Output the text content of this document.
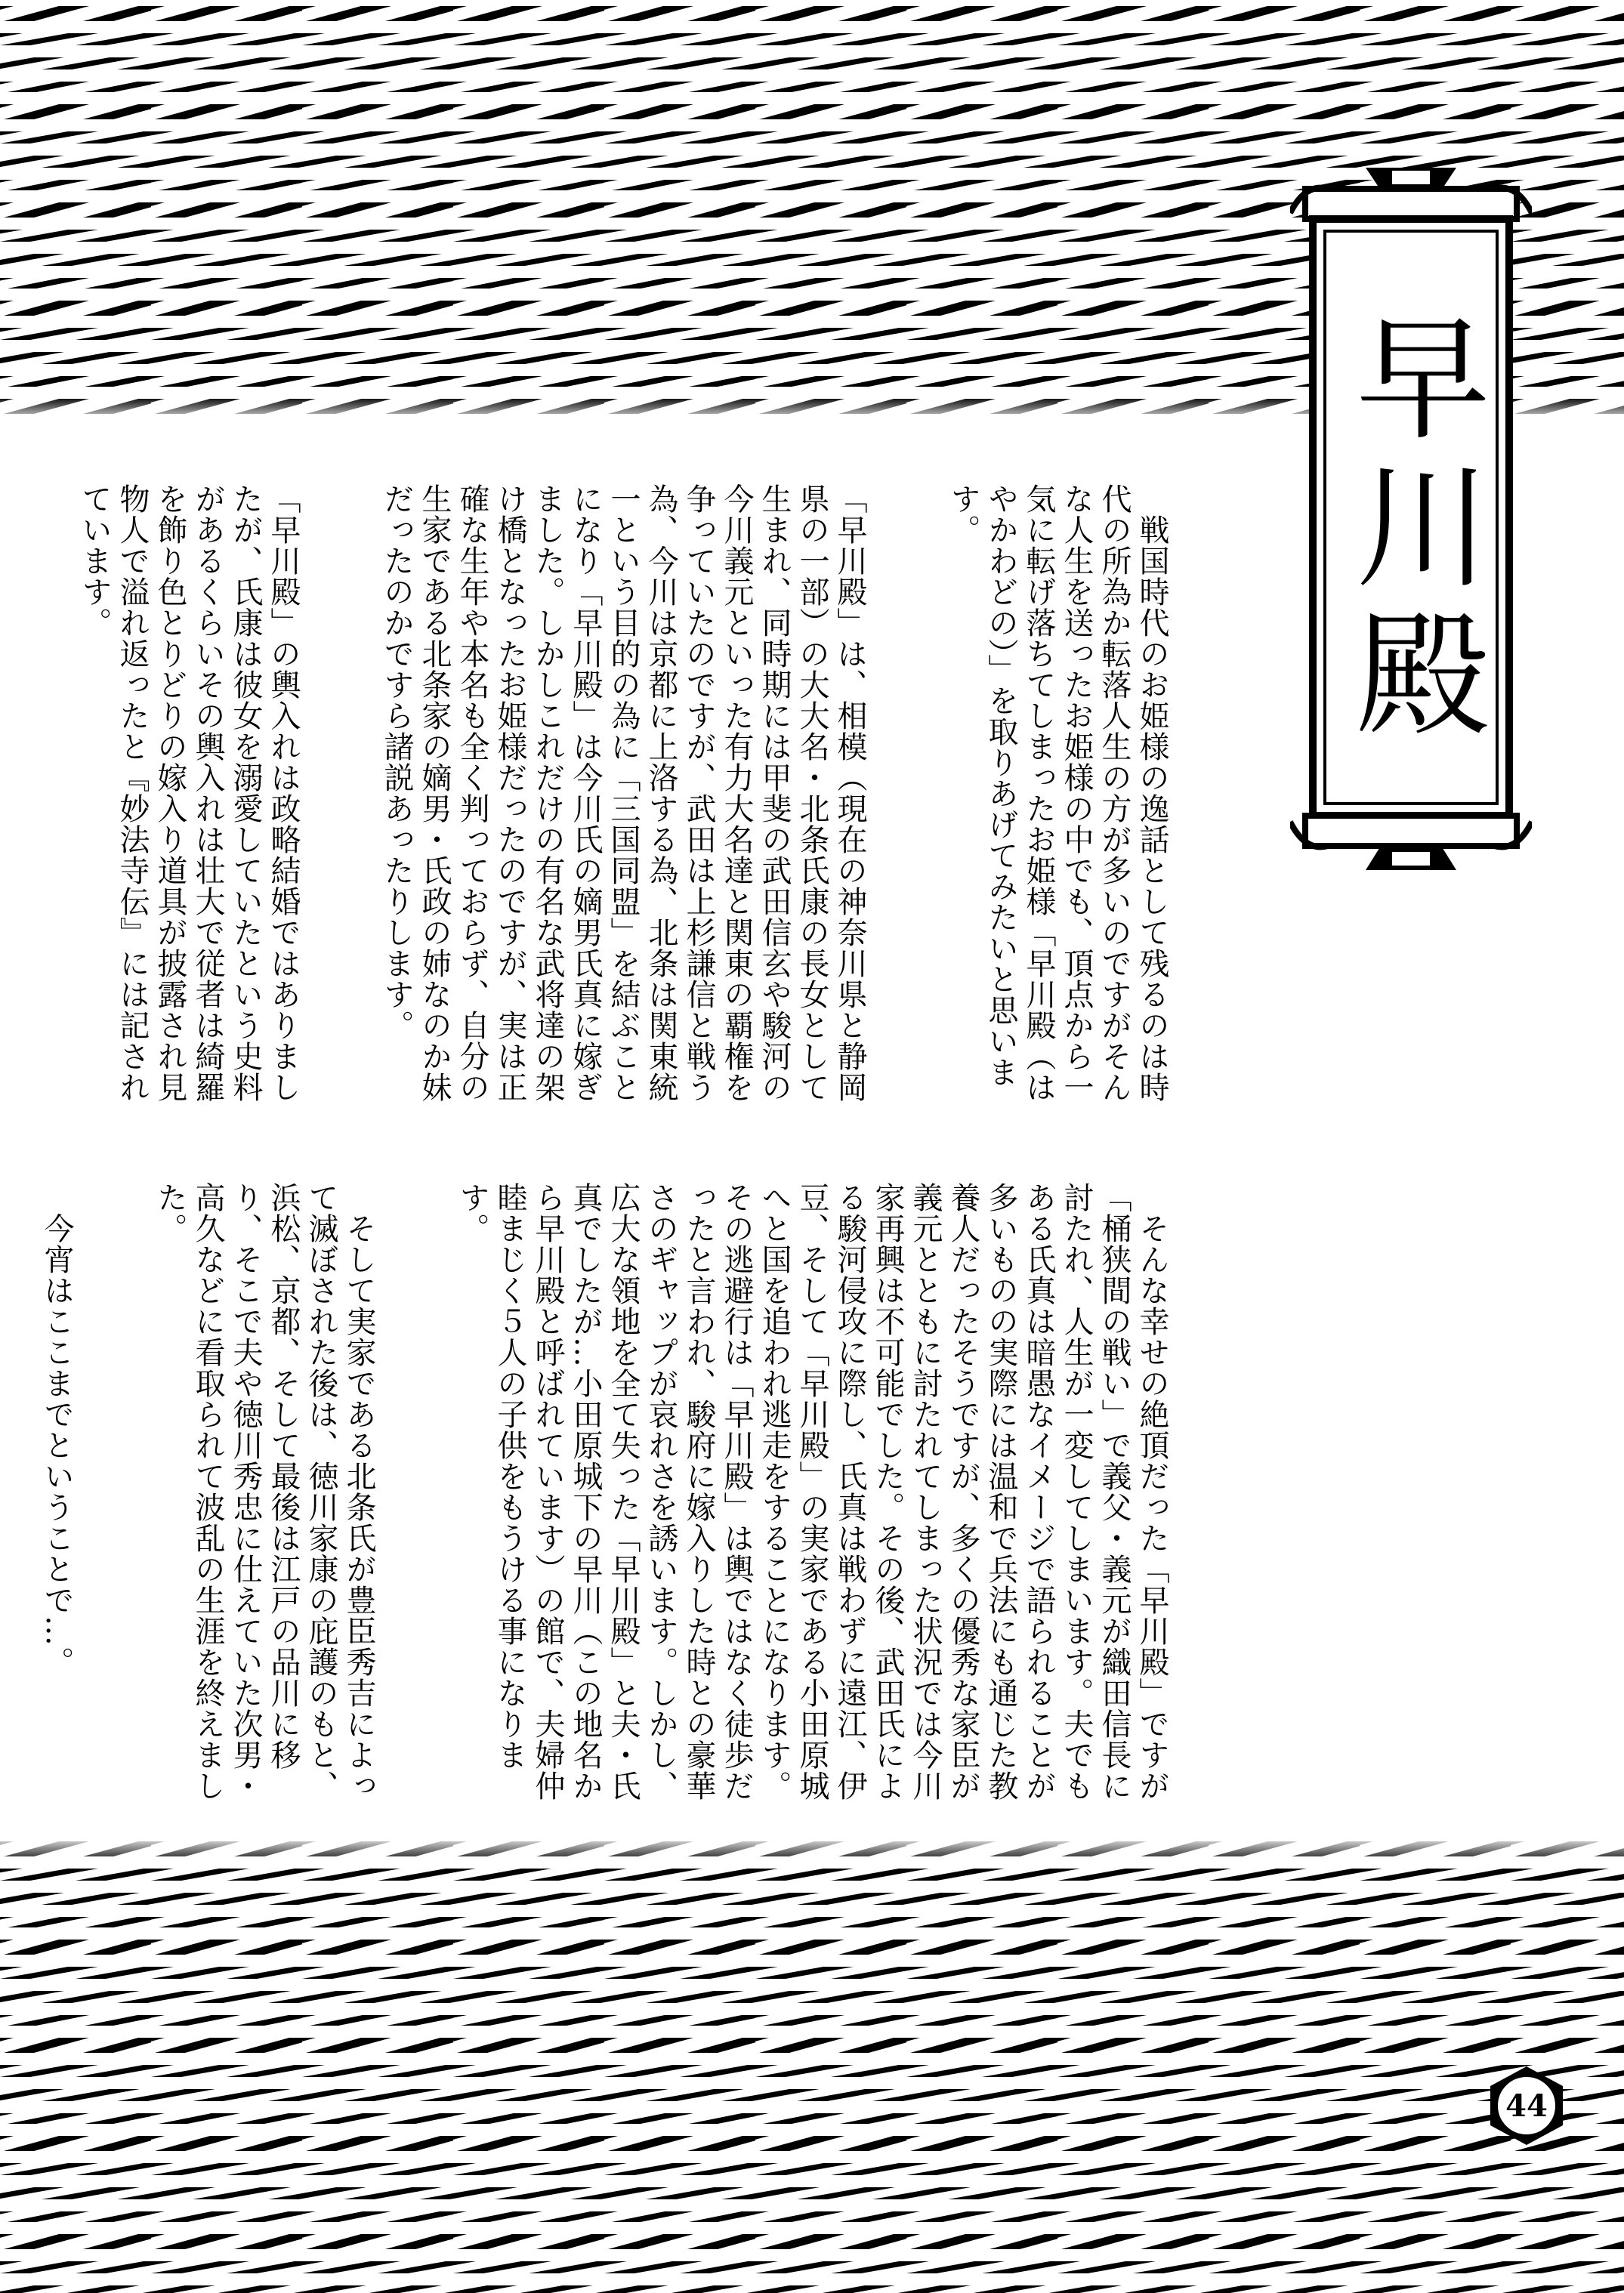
早川殿

　戦国時代のお姫様の逸話として残るのは時代の所為か転落人生の方が多いのですがそんな人生を送ったお姫様の中でも、頂点から一気に転げ落ちてしまったお姫様「早川殿（はやかわどの）」を取りあげてみたいと思います。

「早川殿」は、相模（現在の神奈川県と静岡県の一部）の大大名・北条氏康の長女として生まれ、同時期には甲斐の武田信玄や駿河の今川義元といった有力大名達と関東の覇権を争っていたのですが、武田は上杉謙信と戦う為、今川は京都に上洛する為、北条は関東統一という目的の為に「三国同盟」を結ぶことになり「早川殿」は今川氏の嫡男氏真に嫁ぎました。しかしこれだけの有名な武将達の架け橋となったお姫様だったのですが、実は正確な生年や本名も全く判っておらず、自分の生家である北条家の嫡男・氏政の姉なのか妹だったのかですら諸説あったりします。

「早川殿」の輿入れは政略結婚ではありましたが、氏康は彼女を溺愛していたという史料があるくらいその輿入れは壮大で従者は綺羅を飾り色とりどりの嫁入り道具が披露され見物人で溢れ返ったと『妙法寺伝』には記されています。

　そんな幸せの絶頂だった「早川殿」ですが「桶狭間の戦い」で義父・義元が織田信長に討たれ、人生が一変してしまいます。夫でもある氏真は暗愚なイメージで語られることが多いものの実際には温和で兵法にも通じた教養人だったそうですが、多くの優秀な家臣が義元とともに討たれてしまった状況では今川家再興は不可能でした。その後、武田氏による駿河侵攻に際し、氏真は戦わずに遠江、伊豆、そして「早川殿」の実家である小田原城へと国を追われ逃走をすることになります。その逃避行は「早川殿」は輿ではなく徒歩だったと言われ、駿府に嫁入りした時との豪華さのギャップが哀れさを誘います。しかし、広大な領地を全て失った「早川殿」と夫・氏真でしたが…小田原城下の早川（この地名から早川殿と呼ばれています）の館で、夫婦仲睦まじく５人の子供をもうける事になります。

　そして実家である北条氏が豊臣秀吉によって滅ぼされた後は、徳川家康の庇護のもと、浜松、京都、そして最後は江戸の品川に移り、そこで夫や徳川秀忠に仕えていた次男・高久などに看取られて波乱の生涯を終えました。

　今宵はここまでということで…。

44
